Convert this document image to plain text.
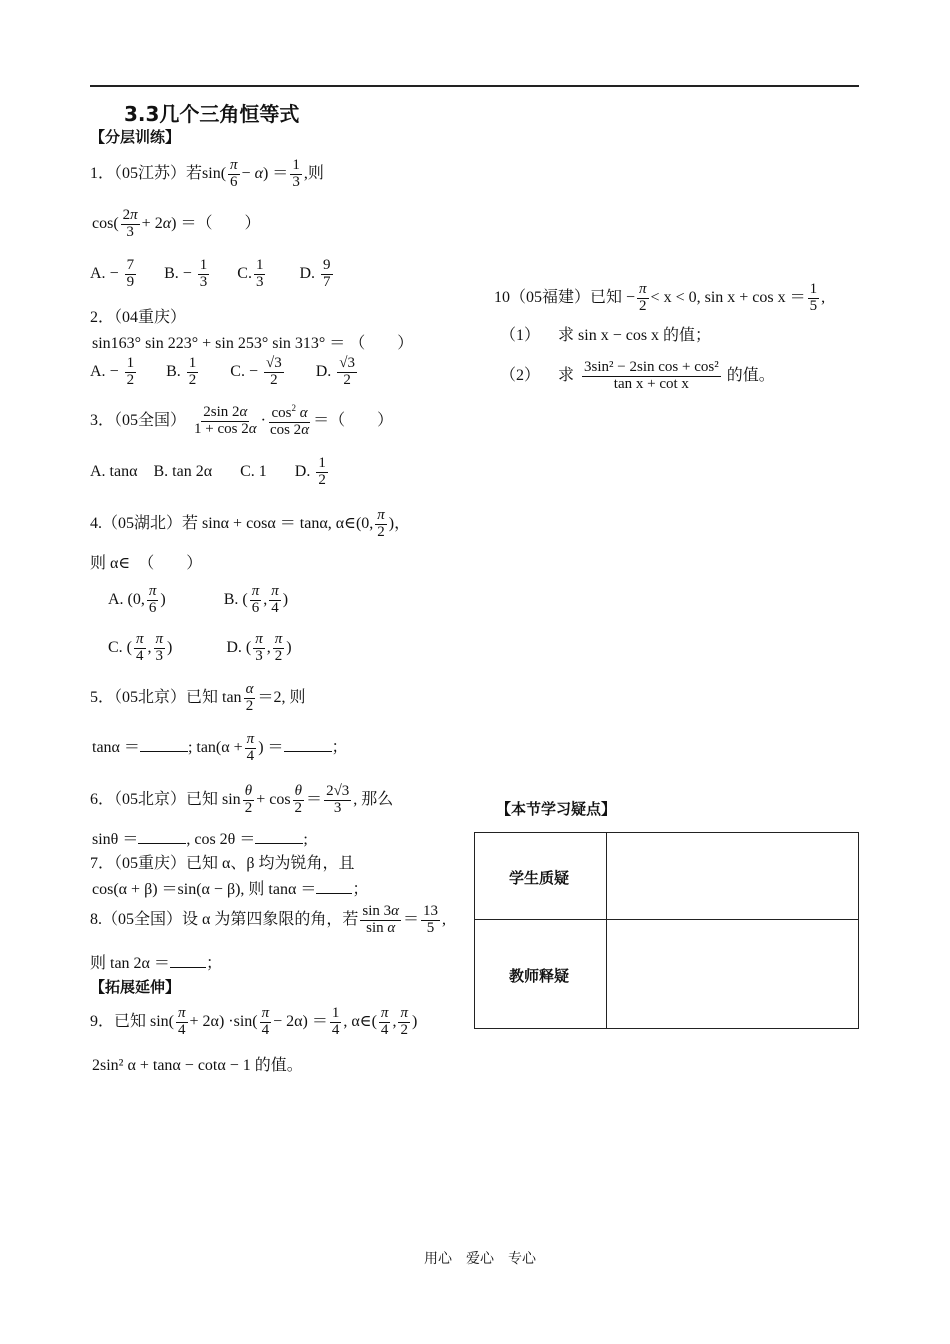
3.3几个三角恒等式
【分层训练】
1．（05江苏）若$\sin( \frac{\pi}{6} - \alpha) = \frac{1}{3}$ ,则
$\cos( \frac{2\pi}{3} + 2\alpha)$ ＝（　　）
A. − $\frac{7}{9} B$. − $\frac{1}{3} C$. $\frac{1}{3} D$. $\frac{9}{7}$
2．（04重庆）
sin163° sin 223° + sin 253° sin 313° ＝ （　　）
A. − $\frac{1}{2} B$. $\frac{1}{2} C$. − $\frac{√3}{2} D$. $\frac{√3}{2}$
3．（05全国） $\frac{2\sin 2\alpha}{1 + \cos 2\alpha} \cdot \frac{\cos^2 \alpha}{\cos 2\alpha}$ ＝（　　）
A. tanα B. tan 2α C. 1 D. $\frac{1}{2}$
4.（05湖北）若 sinα + cosα ＝ tanα, α∈(0, $\frac{\pi}{2}$ )，
则 α∈　（　　）
A. (0, $\frac{\pi}{6}$ )	B. ( $\frac{\pi}{6}$ , $\frac{\pi}{4}$ )
C. ( $\frac{\pi}{4}$ , $\frac{\pi}{3}$ )	D. ( $\frac{\pi}{3}$ , $\frac{\pi}{2}$ )
5．（05北京）已知 $\tan \frac{\alpha}{2} =2$, 则
tanα ＝	; $\tan(\alpha + \frac{\pi}{4}$ ) ＝	；
6．（05北京）已知 $\sin \frac{\theta}{2} + \cos \frac{\theta}{2} = \frac{2√3}{3}$ , 那么
sinθ ＝	, cos 2θ ＝	;
7．（05重庆）已知 α、β 均为锐角，且
cos(α + β) ＝sin(α − β), 则 tanα ＝ ；
8.（05全国）设 α 为第四象限的角，若 $\frac{\sin 3\alpha}{\text{sin α}} = \frac{13}{5}$ ,
则 tan 2α ＝ ；
【拓展延伸】
9．已知 $\sin( \frac{\pi}{4} + 2\alpha) \cdot\sin( \frac{\pi}{4} - 2\alpha) = \frac{1}{4}$ , α∈( $\frac{\pi}{4}$ , $\frac{\pi}{2}$ )
2sin² α + tanα − cotα − 1 的值。
10（05福建）已知 − $\frac{\pi}{2} < x < 0$, $\sin x + \cos x = \frac{1}{5}$ ,
（1） 求 sin x − cos x 的值；
（2） 求 $\frac{\text{3sin² − 2sin cos + cos²}}{\text{tan x + cot x}}$ 的值。
【本节学习疑点】
学生质疑
教师释疑
用心　爱心　专心
